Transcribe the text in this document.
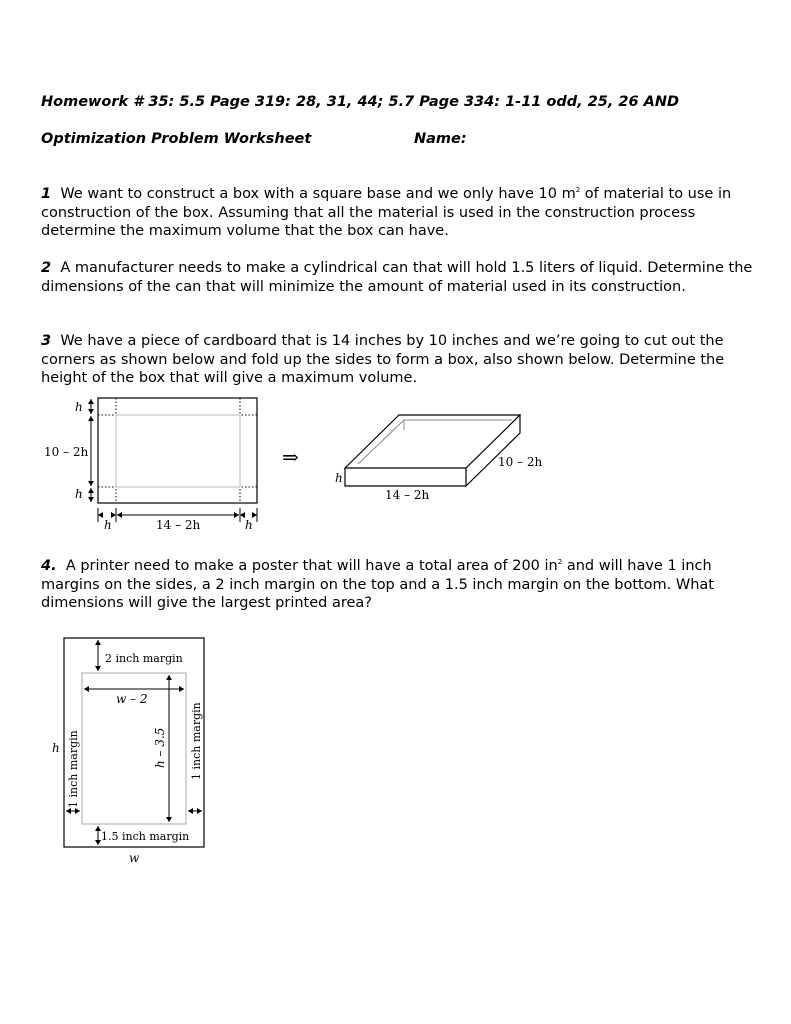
Homework # 35: 5.5 Page 319: 28, 31, 44; 5.7 Page 334: 1-11 odd, 25, 26 AND
Optimization Problem Worksheet	Name:
1 We want to construct a box with a square base and we only have 10 $m^2$ of material to use in construction of the box. Assuming that all the material is used in the construction process determine the maximum volume that the box can have.
2 A manufacturer needs to make a cylindrical can that will hold 1.5 liters of liquid. Determine the dimensions of the can that will minimize the amount of material used in its construction.
3 We have a piece of cardboard that is 14 inches by 10 inches and we’re going to cut out the corners as shown below and fold up the sides to form a box, also shown below. Determine the height of the box that will give a maximum volume.
h
10 – 2h
h
h	14 – 2h	h
⇒
h
10 – 2h
14 – 2h
4. A printer need to make a poster that will have a total area of 200 $in^2$ and will have 1 inch margins on the sides, a 2 inch margin on the top and a 1.5 inch margin on the bottom. What dimensions will give the largest printed area?
2 inch margin
w – 2
h – 3.5
1 inch margin	1 inch margin
h
1.5 inch margin
w
